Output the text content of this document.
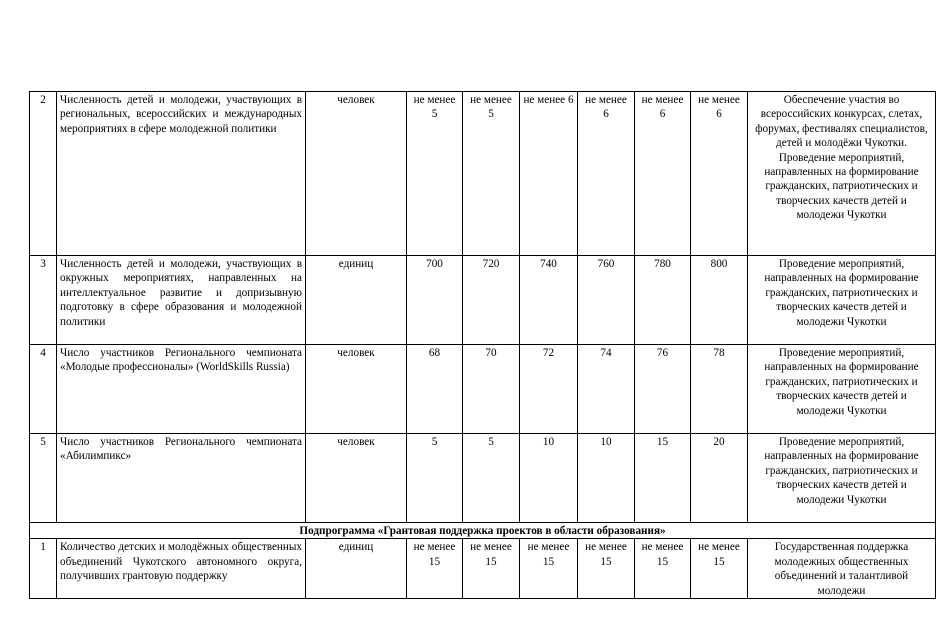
2	Численность детей и молодежи, участвующих в региональных, всероссийских и международных мероприятиях в сфере молодежной политики	человек	не менее 5	не менее 5	не менее 6	не менее 6	не менее 6	не менее 6	Обеспечение участия во всероссийских конкурсах, слетах, форумах, фестивалях специалистов, детей и молодёжи Чукотки. Проведение мероприятий, направленных на формирование гражданских, патриотических и творческих качеств детей и молодежи Чукотки
3	Численность детей и молодежи, участвующих в окружных мероприятиях, направленных на интеллектуальное развитие и допризывную подготовку в сфере образования и молодежной политики	единиц	700	720	740	760	780	800	Проведение мероприятий, направленных на формирование гражданских, патриотических и творческих качеств детей и молодежи Чукотки
4	Число участников Регионального чемпионата «Молодые профессионалы» (WorldSkills Russia)	человек	68	70	72	74	76	78	Проведение мероприятий, направленных на формирование гражданских, патриотических и творческих качеств детей и молодежи Чукотки
5	Число участников Регионального чемпионата «Абилимпикс»	человек	5	5	10	10	15	20	Проведение мероприятий, направленных на формирование гражданских, патриотических и творческих качеств детей и молодежи Чукотки
Подпрограмма «Грантовая поддержка проектов в области образования»									
1	Количество детских и молодёжных общественных объединений Чукотского автономного округа, получивших грантовую поддержку	единиц	не менее 15	не менее 15	не менее 15	не менее 15	не менее 15	не менее 15	Государственная поддержка молодежных общественных объединений и талантливой молодежи
